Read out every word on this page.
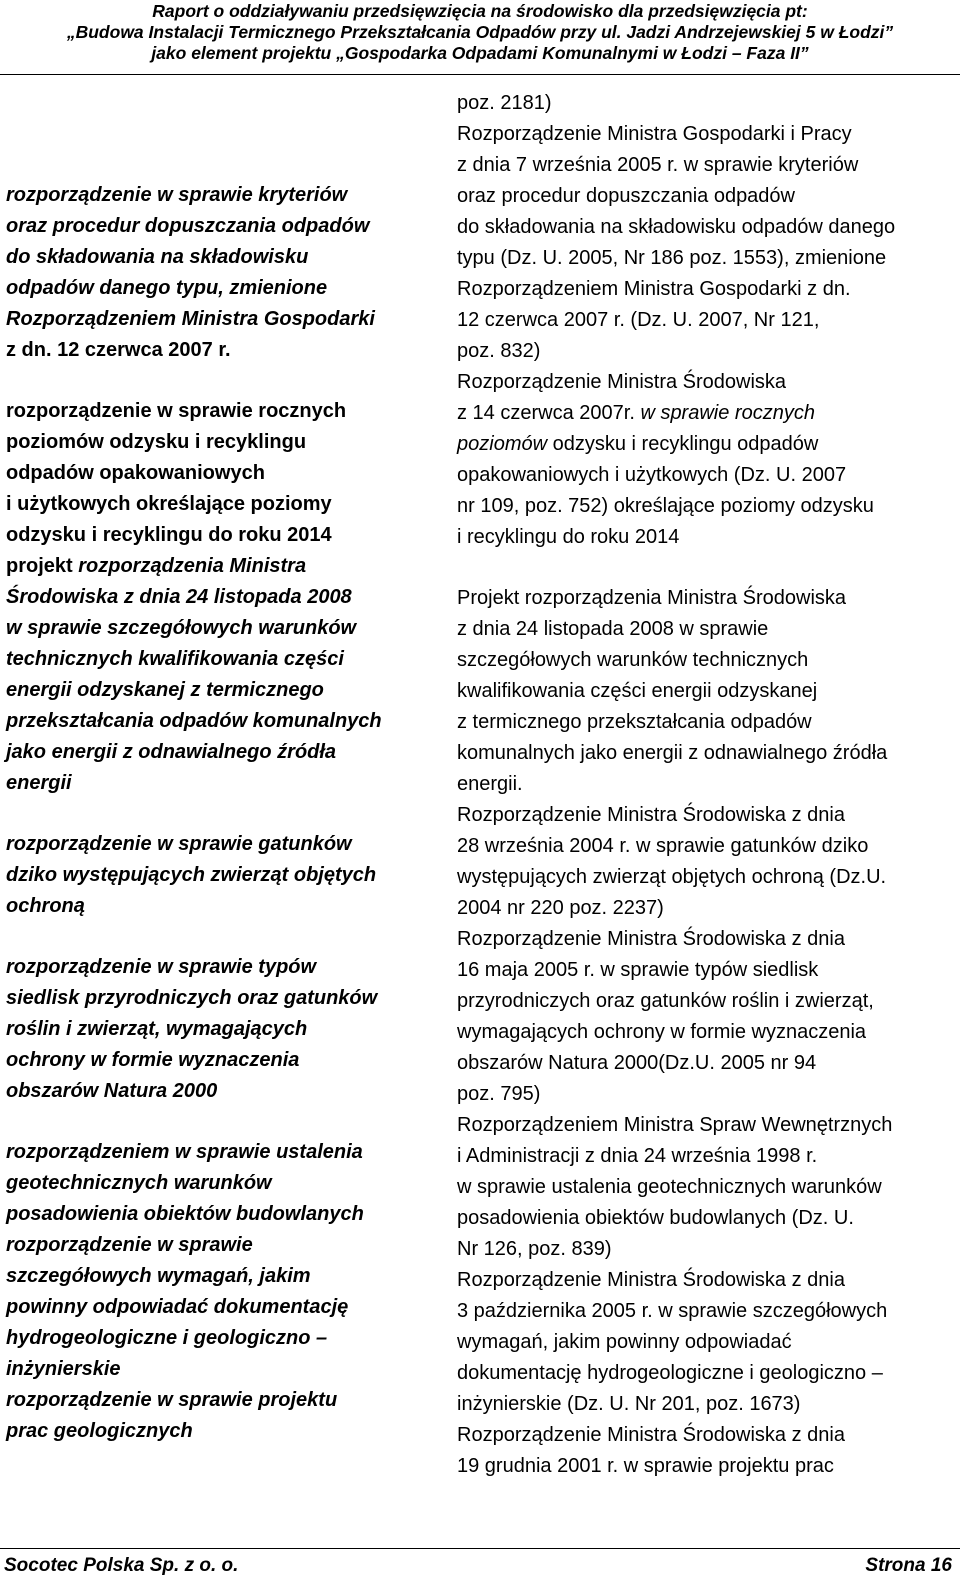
Raport o oddziaływaniu przedsięwzięcia na środowisko dla przedsięwzięcia pt:
„Budowa Instalacji Termicznego Przekształcania Odpadów przy ul. Jadzi Andrzejewskiej 5 w Łodzi”
jako element projektu „Gospodarka Odpadami Komunalnymi w Łodzi – Faza II”
rozporządzenie w sprawie kryteriów
oraz procedur dopuszczania odpadów
do składowania na składowisku
odpadów danego typu, zmienione
Rozporządzeniem Ministra Gospodarki
z dn. 12 czerwca 2007 r.
rozporządzenie w sprawie rocznych
poziomów odzysku i recyklingu
odpadów opakowaniowych
i użytkowych określające poziomy
odzysku i recyklingu do roku 2014
projekt rozporządzenia Ministra
Środowiska z dnia 24 listopada 2008
w sprawie szczegółowych warunków
technicznych kwalifikowania części
energii odzyskanej z termicznego
przekształcania odpadów komunalnych
jako energii z odnawialnego źródła
energii
rozporządzenie w sprawie gatunków
dziko występujących zwierząt objętych
ochroną
rozporządzenie w sprawie typów
siedlisk przyrodniczych oraz gatunków
roślin i zwierząt, wymagających
ochrony w formie wyznaczenia
obszarów Natura 2000
rozporządzeniem w sprawie ustalenia
geotechnicznych warunków
posadowienia obiektów budowlanych
rozporządzenie w sprawie
szczegółowych wymagań, jakim
powinny odpowiadać dokumentację
hydrogeologiczne i geologiczno –
inżynierskie
rozporządzenie w sprawie projektu
prac geologicznych
poz. 2181)
Rozporządzenie Ministra Gospodarki i Pracy
z dnia 7 września 2005 r. w sprawie kryteriów
oraz procedur dopuszczania odpadów
do składowania na składowisku odpadów danego
typu (Dz. U. 2005, Nr 186 poz. 1553), zmienione
Rozporządzeniem Ministra Gospodarki z dn.
12 czerwca 2007 r. (Dz. U. 2007, Nr 121,
poz. 832)
Rozporządzenie Ministra Środowiska
z 14 czerwca 2007r. w sprawie rocznych
poziomów odzysku i recyklingu odpadów
opakowaniowych i użytkowych (Dz. U. 2007
nr 109, poz. 752) określające poziomy odzysku
i recyklingu do roku 2014
Projekt rozporządzenia Ministra Środowiska
z dnia 24 listopada 2008 w sprawie
szczegółowych warunków technicznych
kwalifikowania części energii odzyskanej
z termicznego przekształcania odpadów
komunalnych jako energii z odnawialnego źródła
energii.
Rozporządzenie Ministra Środowiska z dnia
28 września 2004 r. w sprawie gatunków dziko
występujących zwierząt objętych ochroną (Dz.U.
2004 nr 220 poz. 2237)
Rozporządzenie Ministra Środowiska z dnia
16 maja 2005 r. w sprawie typów siedlisk
przyrodniczych oraz gatunków roślin i zwierząt,
wymagających ochrony w formie wyznaczenia
obszarów Natura 2000(Dz.U. 2005 nr 94
poz. 795)
Rozporządzeniem Ministra Spraw Wewnętrznych
i Administracji z dnia 24 września 1998 r.
w sprawie ustalenia geotechnicznych warunków
posadowienia obiektów budowlanych (Dz. U.
Nr 126, poz. 839)
Rozporządzenie Ministra Środowiska z dnia
3 października 2005 r. w sprawie szczegółowych
wymagań, jakim powinny odpowiadać
dokumentację hydrogeologiczne i geologiczno –
inżynierskie (Dz. U. Nr 201, poz. 1673)
Rozporządzenie Ministra Środowiska z dnia
19 grudnia 2001 r. w sprawie projektu prac
Socotec Polska Sp. z o. o.	Strona 16
